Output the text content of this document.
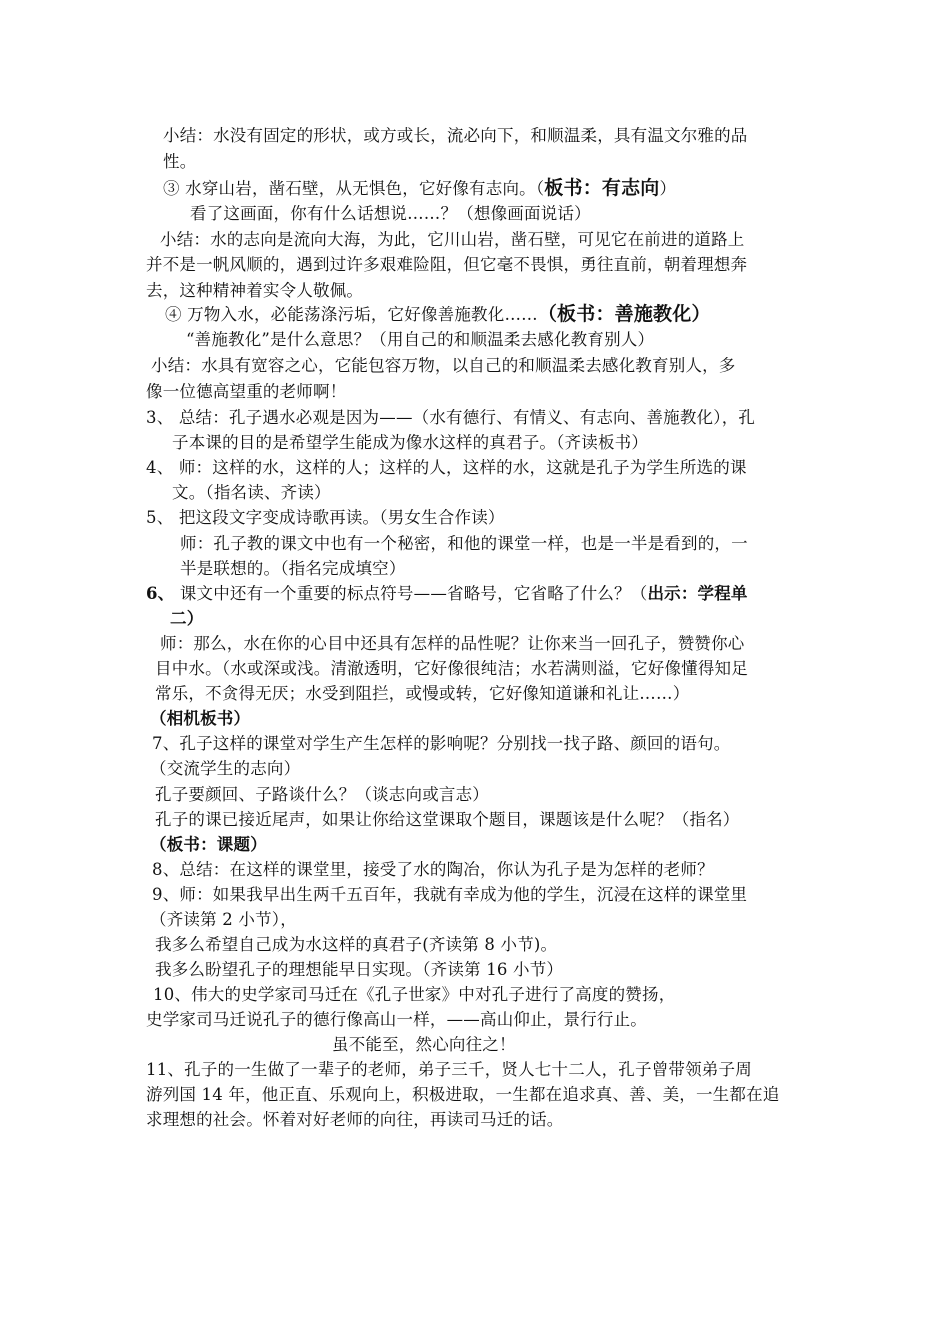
小结：水没有固定的形状，或方或长，流必向下，和顺温柔，具有温文尔雅的品
性。
③ 水穿山岩，凿石壁，从无惧色，它好像有志向。（板书：有志向）
看了这画面，你有什么话想说……？（想像画面说话）
小结：水的志向是流向大海，为此，它川山岩，凿石壁，可见它在前进的道路上
并不是一帆风顺的，遇到过许多艰难险阻，但它毫不畏惧，勇往直前，朝着理想奔
去，这种精神着实令人敬佩。
④ 万物入水，必能荡涤污垢，它好像善施教化……（板书：善施教化）
“善施教化”是什么意思？（用自己的和顺温柔去感化教育别人）
小结：水具有宽容之心，它能包容万物，以自己的和顺温柔去感化教育别人，多
像一位德高望重的老师啊！
3、 总结：孔子遇水必观是因为——（水有德行、有情义、有志向、善施教化），孔
子本课的目的是希望学生能成为像水这样的真君子。（齐读板书）
4、 师：这样的水，这样的人；这样的人，这样的水，这就是孔子为学生所选的课
文。（指名读、齐读）
5、 把这段文字变成诗歌再读。（男女生合作读）
师：孔子教的课文中也有一个秘密，和他的课堂一样，也是一半是看到的，一
半是联想的。（指名完成填空）
6、 课文中还有一个重要的标点符号——省略号，它省略了什么？（出示：学程单
二）
师：那么，水在你的心目中还具有怎样的品性呢？让你来当一回孔子，赞赞你心
目中水。（水或深或浅。清澈透明，它好像很纯洁；水若满则溢，它好像懂得知足
常乐，不贪得无厌；水受到阻拦，或慢或转，它好像知道谦和礼让……）
（相机板书）
7、孔子这样的课堂对学生产生怎样的影响呢？分别找一找子路、颜回的语句。
（交流学生的志向）
孔子要颜回、子路谈什么？（谈志向或言志）
孔子的课已接近尾声，如果让你给这堂课取个题目，课题该是什么呢？（指名）
（板书：课题）
8、总结：在这样的课堂里，接受了水的陶冶，你认为孔子是为怎样的老师？
9、师：如果我早出生两千五百年，我就有幸成为他的学生，沉浸在这样的课堂里
（齐读第 2 小节），
我多么希望自己成为水这样的真君子(齐读第 8 小节)。
我多么盼望孔子的理想能早日实现。（齐读第 16 小节）
10、伟大的史学家司马迁在《孔子世家》中对孔子进行了高度的赞扬，
史学家司马迁说孔子的德行像高山一样，——高山仰止，景行行止。
虽不能至，然心向往之！
11、孔子的一生做了一辈子的老师，弟子三千，贤人七十二人，孔子曾带领弟子周
游列国 14 年，他正直、乐观向上，积极进取，一生都在追求真、善、美，一生都在追
求理想的社会。怀着对好老师的向往，再读司马迁的话。
